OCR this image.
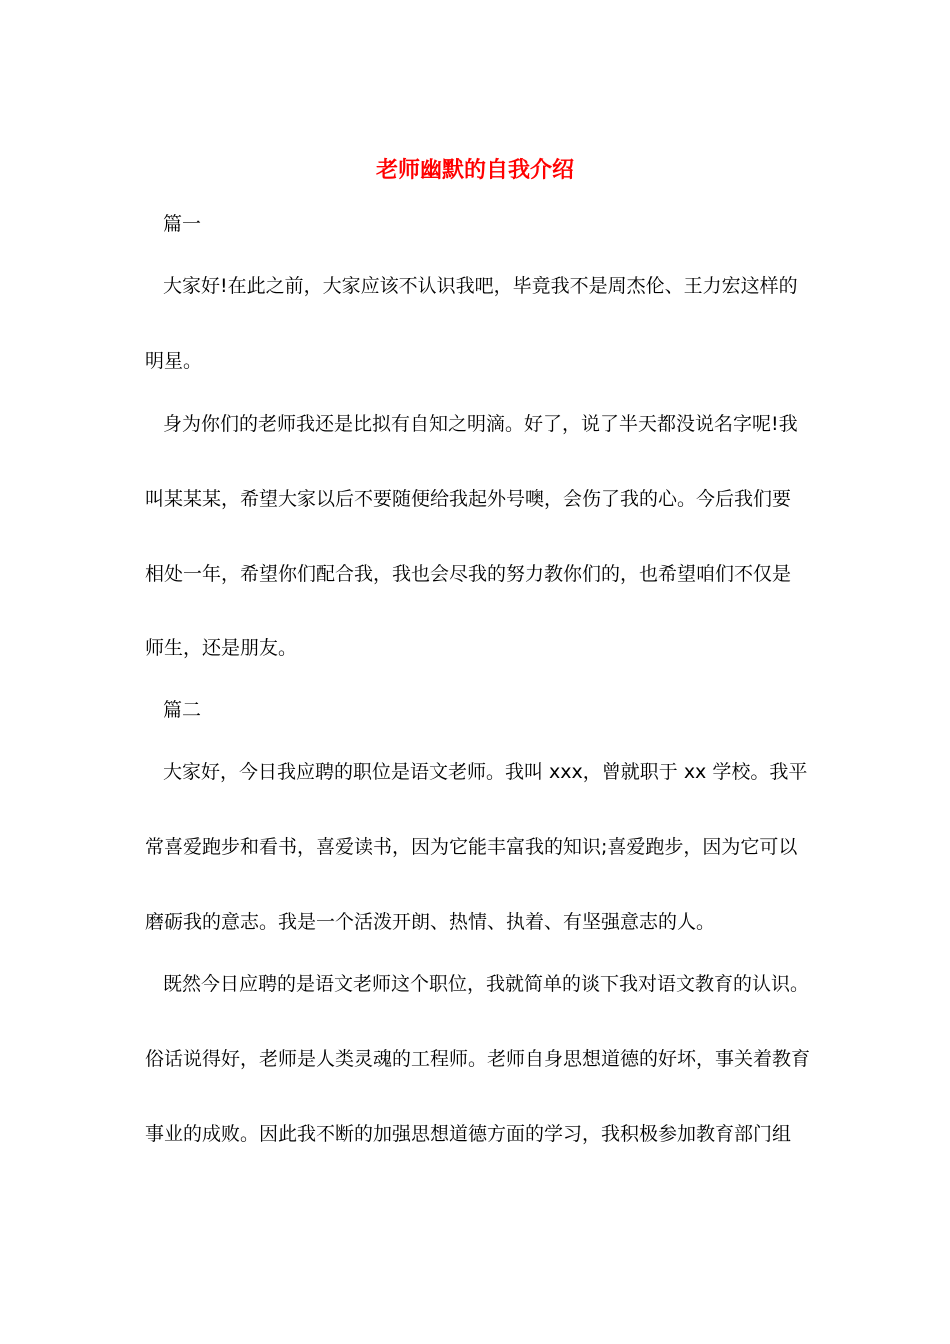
老师幽默的自我介绍
篇一
大家好!在此之前，大家应该不认识我吧，毕竟我不是周杰伦、王力宏这样的
明星。
身为你们的老师我还是比拟有自知之明滴。好了，说了半天都没说名字呢!我
叫某某某，希望大家以后不要随便给我起外号噢，会伤了我的心。今后我们要
相处一年，希望你们配合我，我也会尽我的努力教你们的，也希望咱们不仅是
师生，还是朋友。
篇二
大家好，今日我应聘的职位是语文老师。我叫 xxx，曾就职于 xx 学校。我平
常喜爱跑步和看书，喜爱读书，因为它能丰富我的知识;喜爱跑步，因为它可以
磨砺我的意志。我是一个活泼开朗、热情、执着、有坚强意志的人。
既然今日应聘的是语文老师这个职位，我就简单的谈下我对语文教育的认识。
俗话说得好，老师是人类灵魂的工程师。老师自身思想道德的好坏，事关着教育
事业的成败。因此我不断的加强思想道德方面的学习，我积极参加教育部门组
